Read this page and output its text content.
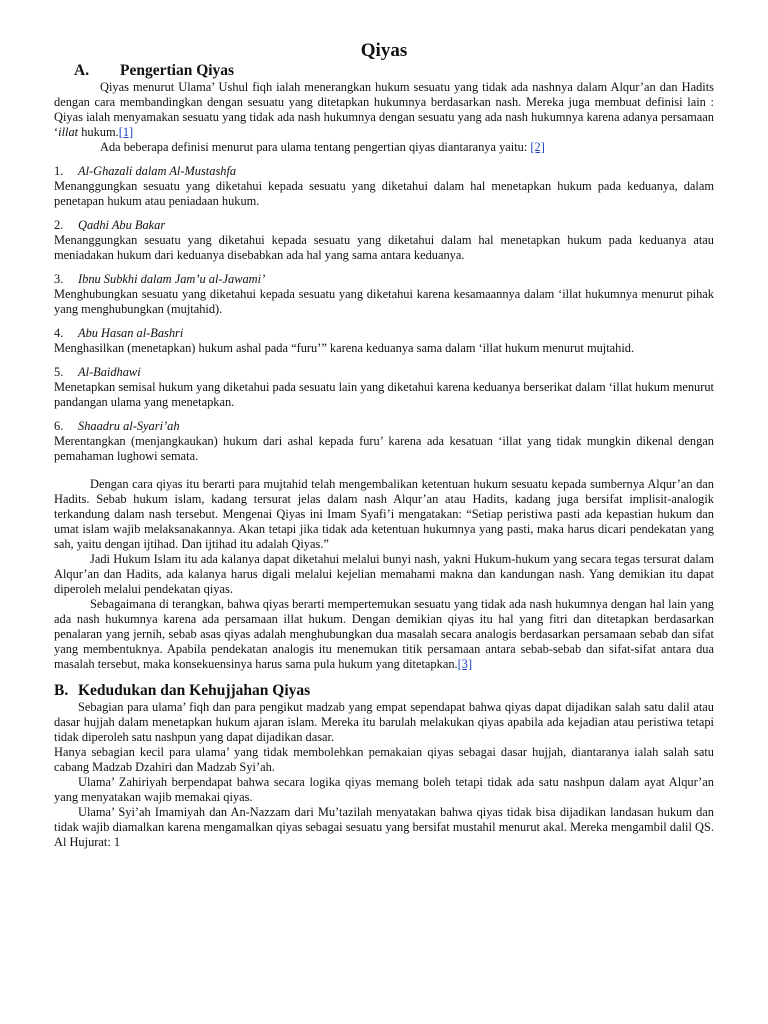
Qiyas
A.	Pengertian Qiyas

Qiyas menurut Ulama’ Ushul fiqh ialah menerangkan hukum sesuatu yang tidak ada nashnya dalam Alqur’an dan Hadits dengan cara membandingkan dengan sesuatu yang ditetapkan hukumnya berdasarkan nash. Mereka juga membuat definisi lain : Qiyas ialah menyamakan sesuatu yang tidak ada nash hukumnya dengan sesuatu yang ada nash hukumnya karena adanya persamaan ‘illat hukum.[1]

Ada beberapa definisi menurut para ulama tentang pengertian qiyas diantaranya yaitu: [2]

1.	Al-Ghazali dalam Al-Mustashfa

Menanggungkan sesuatu yang diketahui kepada sesuatu yang diketahui dalam hal menetapkan hukum pada keduanya, dalam penetapan hukum atau peniadaan hukum.

2.	Qadhi Abu Bakar

Menanggungkan sesuatu yang diketahui kepada sesuatu yang diketahui dalam hal menetapkan hukum pada keduanya atau meniadakan hukum dari keduanya disebabkan ada hal yang sama antara keduanya.

3.	Ibnu Subkhi dalam Jam’u al-Jawami’

Menghubungkan sesuatu yang diketahui kepada sesuatu yang diketahui karena kesamaannya dalam ‘illat hukumnya menurut pihak yang menghubungkan (mujtahid).

4.	Abu Hasan al-Bashri

Menghasilkan (menetapkan) hukum ashal pada “furu’” karena keduanya sama dalam ‘illat hukum menurut mujtahid.

5.	Al-Baidhawi

Menetapkan semisal hukum yang diketahui pada sesuatu lain yang diketahui karena keduanya berserikat dalam ‘illat hukum menurut pandangan ulama yang menetapkan.

6.	Shaadru al-Syari’ah

Merentangkan (menjangkaukan) hukum dari ashal kepada furu’ karena ada kesatuan ‘illat yang tidak mungkin dikenal dengan pemahaman lughowi semata.

Dengan cara qiyas itu berarti para mujtahid telah mengembalikan ketentuan hukum sesuatu kepada sumbernya Alqur’an dan Hadits. Sebab hukum islam, kadang tersurat jelas dalam nash Alqur’an atau Hadits, kadang juga bersifat implisit-analogik terkandung dalam nash tersebut. Mengenai Qiyas ini Imam Syafi’i mengatakan: “Setiap peristiwa pasti ada kepastian hukum dan umat islam wajib melaksanakannya. Akan tetapi jika tidak ada ketentuan hukumnya yang pasti, maka harus dicari pendekatan yang sah, yaitu dengan ijtihad. Dan ijtihad itu adalah Qiyas.”

Jadi Hukum Islam itu ada kalanya dapat diketahui melalui bunyi nash, yakni Hukum-hukum yang secara tegas tersurat dalam Alqur’an dan Hadits, ada kalanya harus digali melalui kejelian memahami makna dan kandungan nash. Yang demikian itu dapat diperoleh melalui pendekatan qiyas.

Sebagaimana di terangkan, bahwa qiyas berarti mempertemukan sesuatu yang tidak ada nash hukumnya dengan hal lain yang ada nash hukumnya karena ada persamaan illat hukum. Dengan demikian qiyas itu hal yang fitri dan ditetapkan berdasarkan penalaran yang jernih, sebab asas qiyas adalah menghubungkan dua masalah secara analogis berdasarkan persamaan sebab dan sifat yang membentuknya. Apabila pendekatan analogis itu menemukan titik persamaan antara sebab-sebab dan sifat-sifat antara dua masalah tersebut, maka konsekuensinya harus sama pula hukum yang ditetapkan.[3]

B. Kedudukan dan Kehujjahan Qiyas

Sebagian para ulama’ fiqh dan para pengikut madzab yang empat sependapat bahwa qiyas dapat dijadikan salah satu dalil atau dasar hujjah dalam menetapkan hukum ajaran islam. Mereka itu barulah melakukan qiyas apabila ada kejadian atau peristiwa tetapi tidak diperoleh satu nashpun yang dapat dijadikan dasar.

Hanya sebagian kecil para ulama’ yang tidak membolehkan pemakaian qiyas sebagai dasar hujjah, diantaranya ialah salah satu cabang Madzab Dzahiri dan Madzab Syi’ah.

Ulama’ Zahiriyah berpendapat bahwa secara logika qiyas memang boleh tetapi tidak ada satu nashpun dalam ayat Alqur’an yang menyatakan wajib memakai qiyas.

Ulama’ Syi’ah Imamiyah dan An-Nazzam dari Mu’tazilah menyatakan bahwa qiyas tidak bisa dijadikan landasan hukum dan tidak wajib diamalkan karena mengamalkan qiyas sebagai sesuatu yang bersifat mustahil menurut akal. Mereka mengambil dalil QS. Al Hujurat: 1
